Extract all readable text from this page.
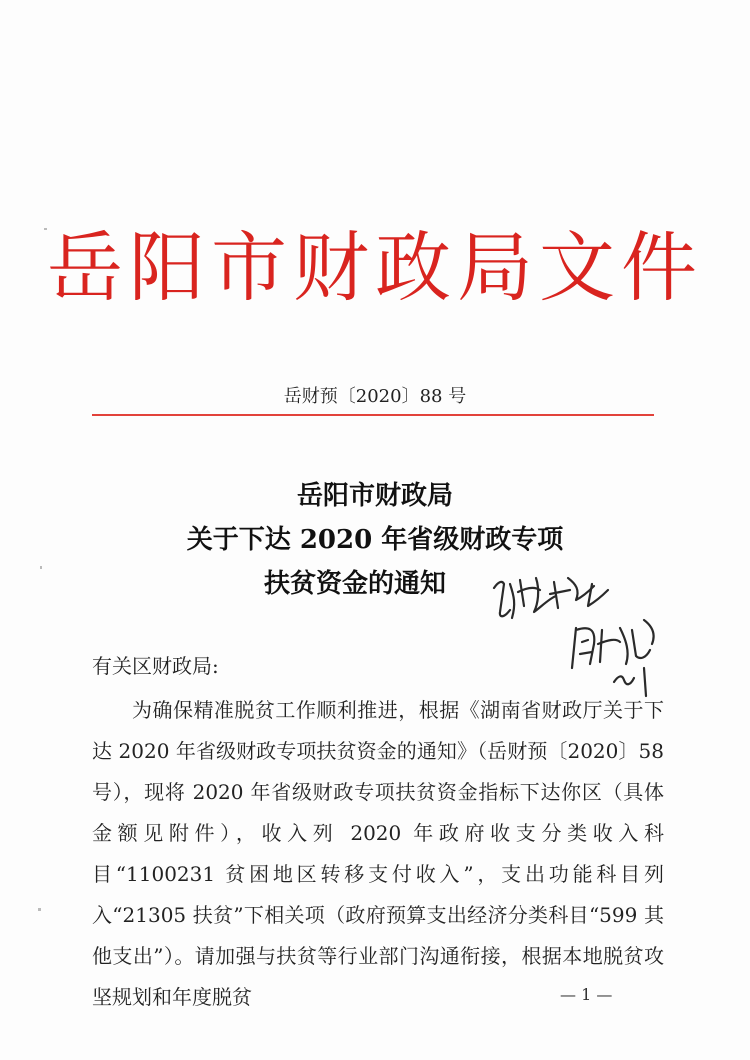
岳阳市财政局文件
岳财预〔2020〕88 号
岳阳市财政局
关于下达 2020 年省级财政专项
扶贫资金的通知
有关区财政局:
为确保精准脱贫工作顺利推进，根据《湖南省财政厅关于下达 2020 年省级财政专项扶贫资金的通知》（岳财预〔2020〕58 号），现将 2020 年省级财政专项扶贫资金指标下达你区（具体金额见附件），收入列 2020 年政府收支分类收入科目“1100231 贫困地区转移支付收入”，支出功能科目列入“21305 扶贫”下相关项（政府预算支出经济分类科目“599 其他支出”）。请加强与扶贫等行业部门沟通衔接，根据本地脱贫攻坚规划和年度脱贫	— 1 —
